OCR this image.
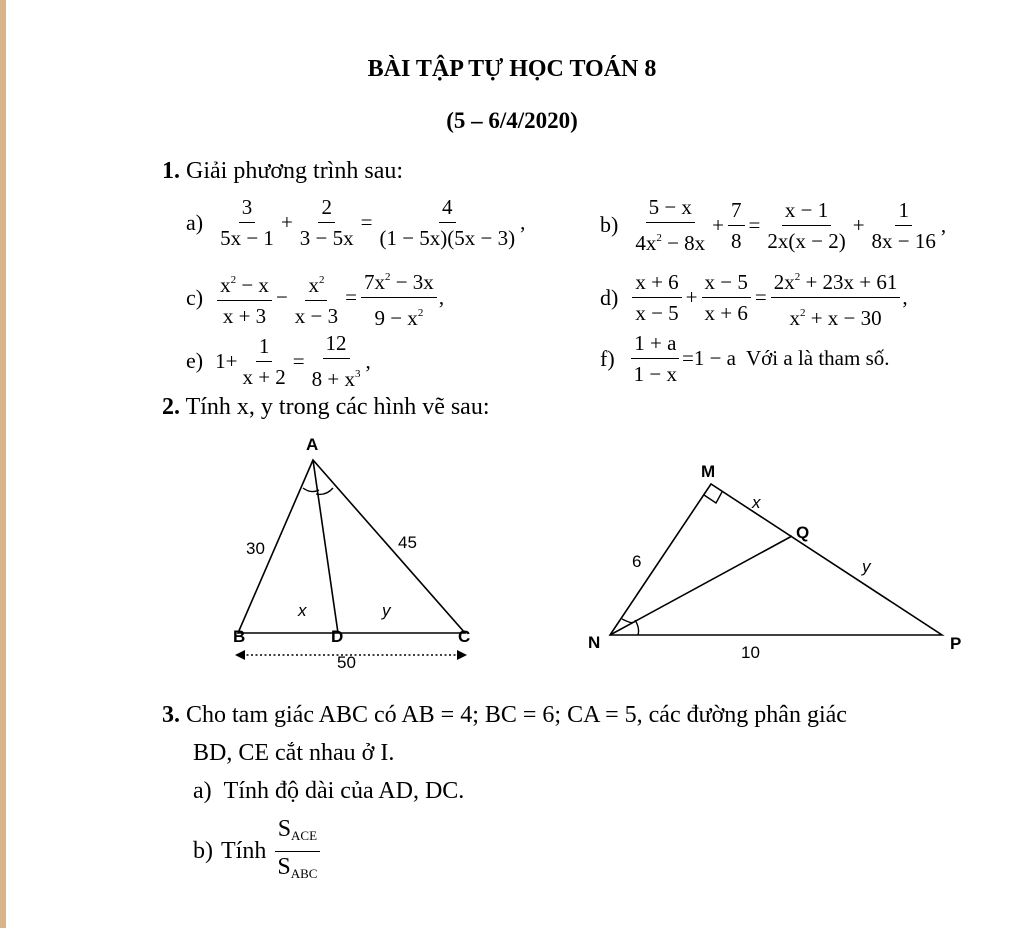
BÀI TẬP TỰ HỌC TOÁN 8
(5 – 6/4/2020)
1. Giải phương trình sau:
$a) \frac{3}{5x - 1} + \frac{2}{3 - 5x} = \frac{4}{(1 - 5x)(5x - 3)}$ ,	$b) \frac{5 - x}{4x^2 - 8x} + \frac{7}{8} = \frac{x - 1}{2x(x - 2)} + \frac{1}{8x - 16}$ ,
$c) \frac{x^2 - x}{x + 3} - \frac{x^2}{x - 3} = \frac{7x^2 - 3x}{9 - x^2}$ ,	$d) \frac{x + 6}{x - 5} + \frac{x - 5}{x + 6} = \frac{2x^2 + 23x + 61}{x^2 + x - 30}$ ,
e) $1+ \frac{1}{x + 2} = \frac{12}{8 + x^3}$ ,	$f) \frac{1 + a}{1 - x} =1 - a$ Với a là tham số.
2. Tính x, y trong các hình vẽ sau:
A
B	D	C
30	45
x	y
50
M
N	P
Q
6
x
y
10
3. Cho tam giác ABC có AB = 4; BC = 6; CA = 5, các đường phân giác
BD, CE cắt nhau ở I.
a) Tính độ dài của AD, DC.
b) Tính $\frac{S_{ACE}}{S_{ABC}}$
